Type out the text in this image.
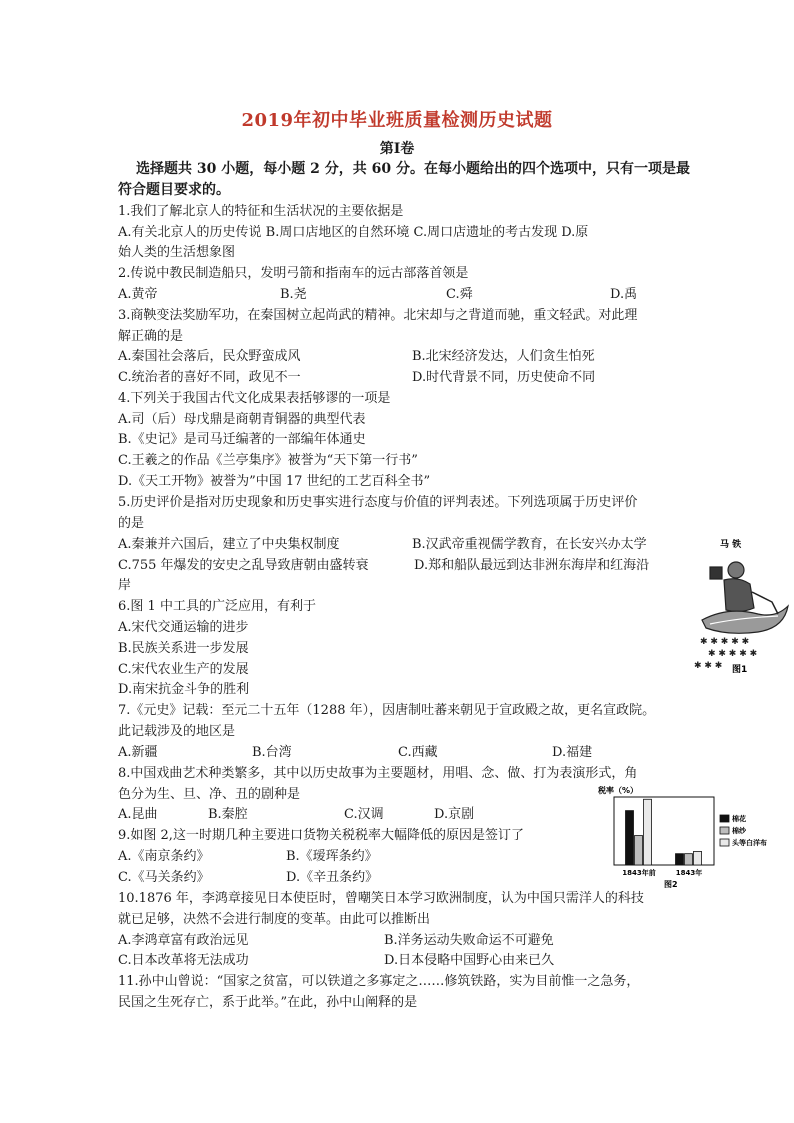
2019年初中毕业班质量检测历史试题
第Ⅰ卷
选择题共 30 小题，每小题 2 分，共 60 分。在每小题给出的四个选项中，只有一项是最
符合题目要求的。
1.我们了解北京人的特征和生活状况的主要依据是
A.有关北京人的历史传说 B.周口店地区的自然环境 C.周口店遗址的考古发现 D.原
始人类的生活想象图
2.传说中教民制造船只，发明弓箭和指南车的远古部落首领是
A.黄帝	B.尧	C.舜	D.禹
3.商鞅变法奖励军功，在秦国树立起尚武的精神。北宋却与之背道而驰，重文轻武。对此理
解正确的是
A.秦国社会落后，民众野蛮成风	B.北宋经济发达，人们贪生怕死
C.统治者的喜好不同，政见不一	D.时代背景不同，历史使命不同
4.下列关于我国古代文化成果表括够谬的一项是
A.司（后）母戊鼎是商朝青铜器的典型代表
B.《史记》是司马迁编著的一部编年体通史
C.王羲之的作品《兰亭集序》被誉为“天下第一行书”
D.《天工开物》被誉为”中国 17 世纪的工艺百科全书”
5.历史评价是指对历史现象和历史事实进行态度与价值的评判表述。下列选项属于历史评价
的是
A.秦兼并六国后，建立了中央集权制度	B.汉武帝重视儒学教育，在长安兴办太学
C.755 年爆发的安史之乱导致唐朝由盛转衰	D.郑和船队最远到达非洲东海岸和红海沿
岸
6.图 1 中工具的广泛应用，有利于
A.宋代交通运输的进步
B.民族关系进一步发展
C.宋代农业生产的发展
D.南宋抗金斗争的胜利
马 铁
✱ ✱ ✱ ✱ ✱
✱ ✱ ✱ ✱ ✱
✱ ✱ ✱ 图1
7.《元史》记载：至元二十五年（1288 年），因唐制吐蕃来朝见于宣政殿之故，更名宣政院。
此记载涉及的地区是
A.新疆	B.台湾	C.西藏	D.福建
8.中国戏曲艺术种类繁多，其中以历史故事为主要题材，用唱、念、做、打为表演形式，角
色分为生、旦、净、丑的剧种是
A.昆曲	B.秦腔	C.汉调	D.京剧
9.如图 2,这一时期几种主要进口货物关税税率大幅降低的原因是签订了
A.《南京条约》	B.《瑷珲条约》
C.《马关条约》	D.《辛丑条约》
税率（%）
图2
1843年前	1843年
棉花
棉纱
头等白洋布
10.1876 年，李鸿章接见日本使臣时，曾嘲笑日本学习欧洲制度，认为中国只需洋人的科技
就已足够，决然不会进行制度的变革。由此可以推断出
A.李鸿章富有政治远见	B.洋务运动失败命运不可避免
C.日本改革将无法成功	D.日本侵略中国野心由来已久
11.孙中山曾说：“国家之贫富，可以铁道之多寡定之……修筑铁路，实为目前惟一之急务，
民国之生死存亡，系于此举。”在此，孙中山阐释的是
